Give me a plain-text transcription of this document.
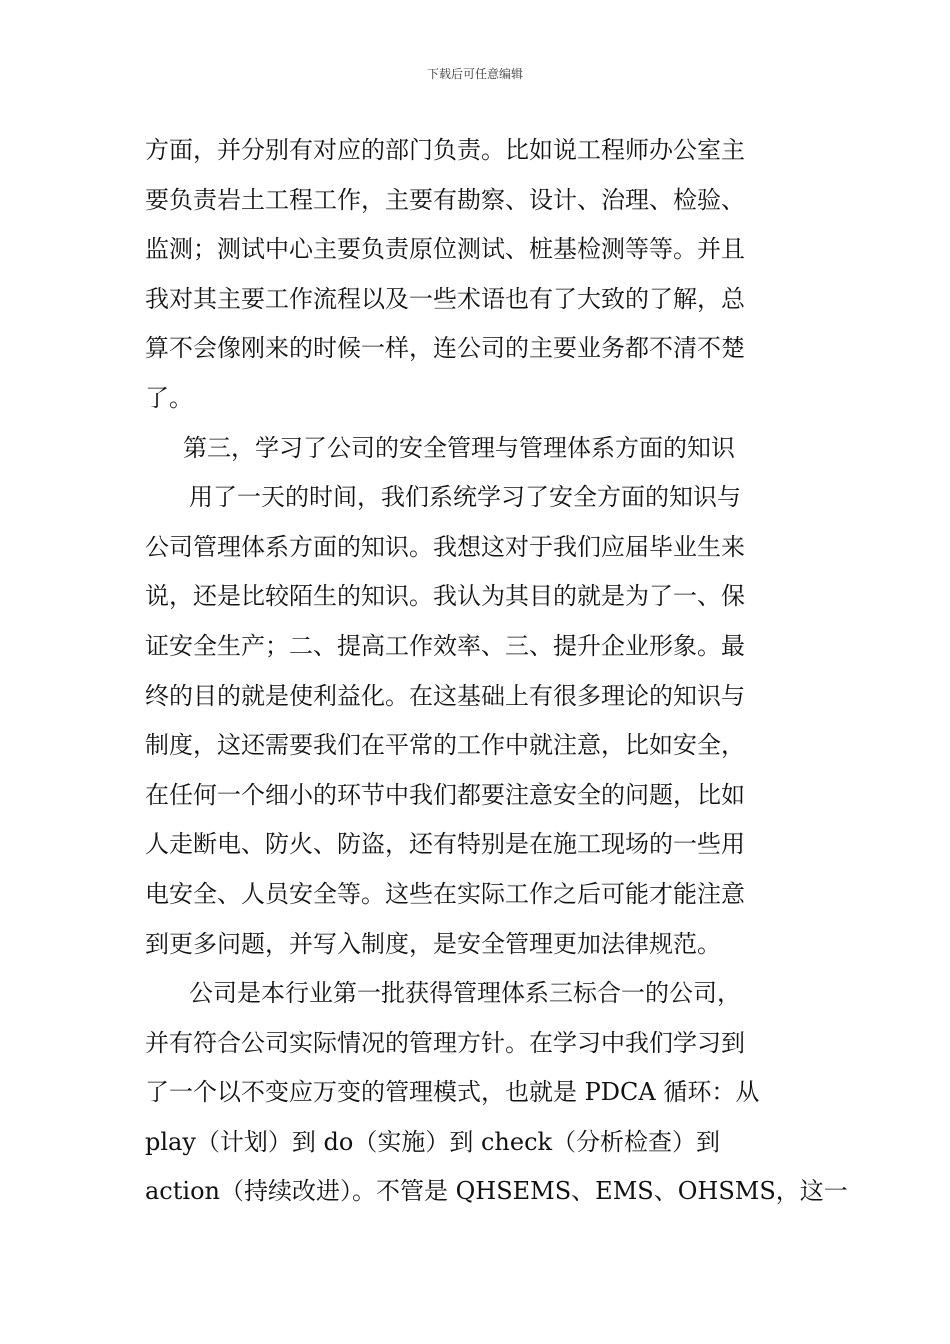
下载后可任意编辑
方面，并分别有对应的部门负责。比如说工程师办公室主
要负责岩土工程工作，主要有勘察、设计、治理、检验、
监测；测试中心主要负责原位测试、桩基检测等等。并且
我对其主要工作流程以及一些术语也有了大致的了解，总
算不会像刚来的时候一样，连公司的主要业务都不清不楚
了。
第三，学习了公司的安全管理与管理体系方面的知识
用了一天的时间，我们系统学习了安全方面的知识与
公司管理体系方面的知识。我想这对于我们应届毕业生来
说，还是比较陌生的知识。我认为其目的就是为了一、保
证安全生产；二、提高工作效率、三、提升企业形象。最
终的目的就是使利益化。在这基础上有很多理论的知识与
制度，这还需要我们在平常的工作中就注意，比如安全，
在任何一个细小的环节中我们都要注意安全的问题，比如
人走断电、防火、防盗，还有特别是在施工现场的一些用
电安全、人员安全等。这些在实际工作之后可能才能注意
到更多问题，并写入制度，是安全管理更加法律规范。
公司是本行业第一批获得管理体系三标合一的公司，
并有符合公司实际情况的管理方针。在学习中我们学习到
了一个以不变应万变的管理模式，也就是 PDCA 循环：从
play（计划）到 do（实施）到 check（分析检查）到
action（持续改进）。不管是 QHSEMS、EMS、OHSMS，这一
